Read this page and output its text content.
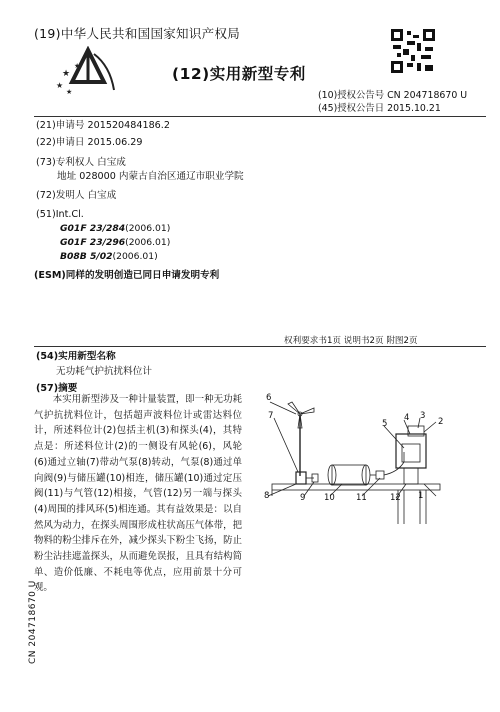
(19)中华人民共和国国家知识产权局
★
★
★
★	(12)实用新型专利
(10)授权公告号 CN 204718670 U
(45)授权公告日 2015.10.21
(21)申请号 201520484186.2
(22)申请日 2015.06.29
(73)专利权人 白宝成
地址 028000 内蒙古自治区通辽市职业学院
(72)发明人 白宝成
(51)Int.Cl.
G01F 23/284(2006.01)
G01F 23/296(2006.01)
B08B 5/02(2006.01)
(ESM)同样的发明创造已同日申请发明专利
权利要求书1页 说明书2页 附图2页
(54)实用新型名称
无功耗气护抗扰料位计
(57)摘要
本实用新型涉及一种计量装置，即一种无功耗气护抗扰料位计，包括超声波料位计或雷达料位计，所述料位计(2)包括主机(3)和探头(4)，其特点是：所述料位计(2)的一侧设有风轮(6)，风轮(6)通过立轴(7)带动气泵(8)转动，气泵(8)通过单向阀(9)与储压罐(10)相连，储压罐(10)通过定压阀(11)与气管(12)相接，气管(12)另一端与探头(4)周围的排风环(5)相连通。其有益效果是：以自然风为动力，在探头周围形成柱状高压气体带，把物料的粉尘排斥在外，减少探头下粉尘飞扬，防止粉尘沾挂遮盖探头，从而避免误报，且具有结构简单、造价低廉、不耗电等优点，应用前景十分可观。
CN 204718670 U
1
2
3
4
5
6
7
8	9 10 11	12
